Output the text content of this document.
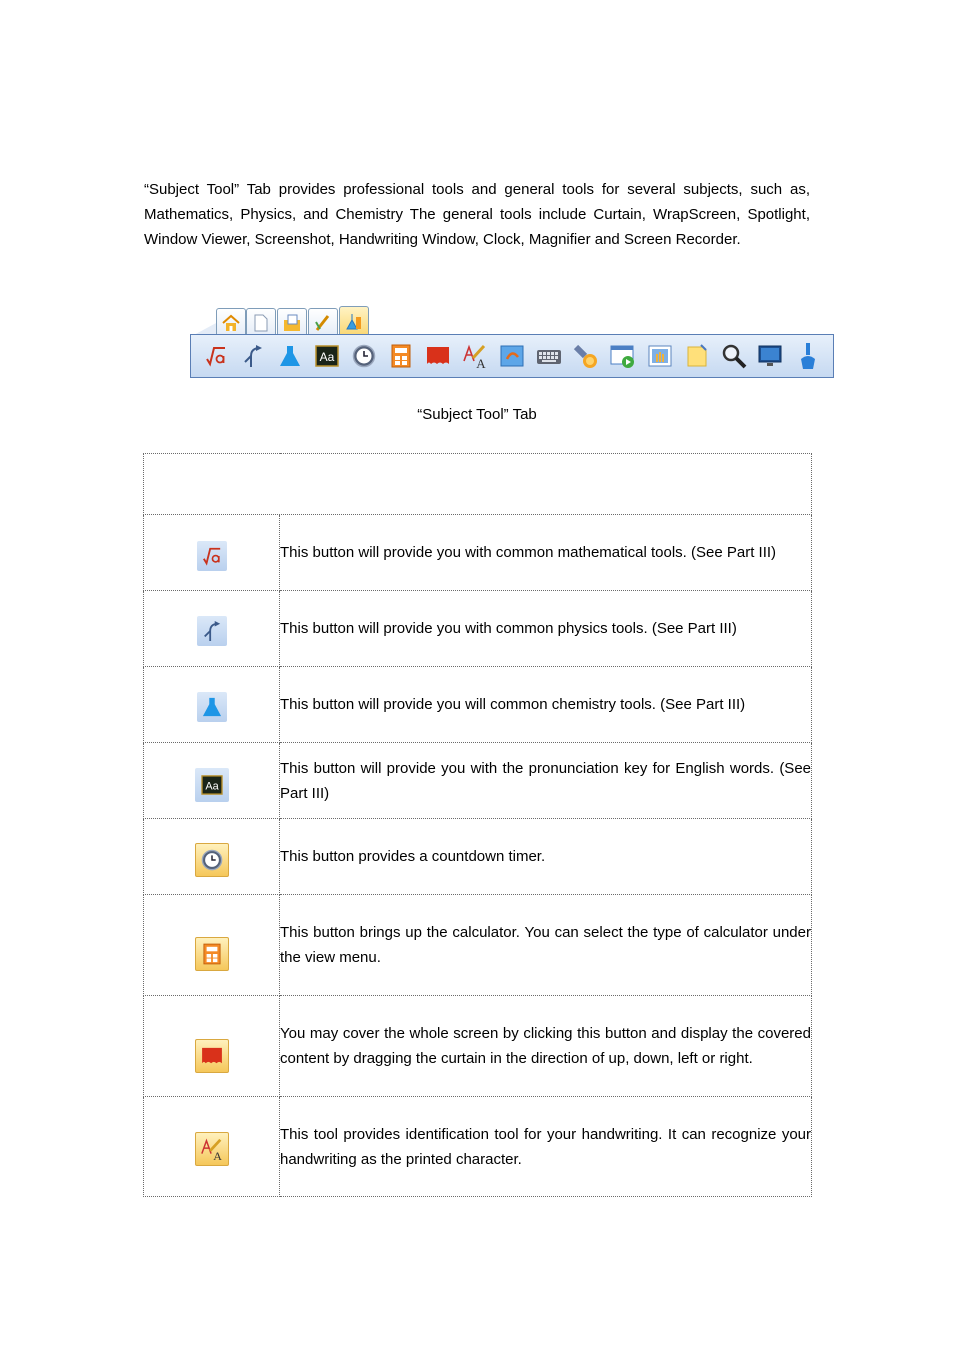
“Subject Tool” Tab provides professional tools and general tools for several subjects, such as, Mathematics, Physics, and Chemistry The general tools include Curtain, WrapScreen, Spotlight, Window Viewer, Screenshot, Handwriting Window, Clock, Magnifier and Screen Recorder.

Aa	A

“Subject Tool” Tab

	This button will provide you with common mathematical tools. (See Part III)

	This button will provide you with common physics tools. (See Part III)

	This button will provide you will common chemistry tools. (See Part III)

Aa	This button will provide you with the pronunciation key for English words. (See Part III)

	This button provides a countdown timer.

	This button brings up the calculator. You can select the type of calculator under the view menu.

	You may cover the whole screen by clicking this button and display the covered content by dragging the curtain in the direction of up, down, left or right.

A	This tool provides identification tool for your handwriting. It can recognize your handwriting as the printed character.
